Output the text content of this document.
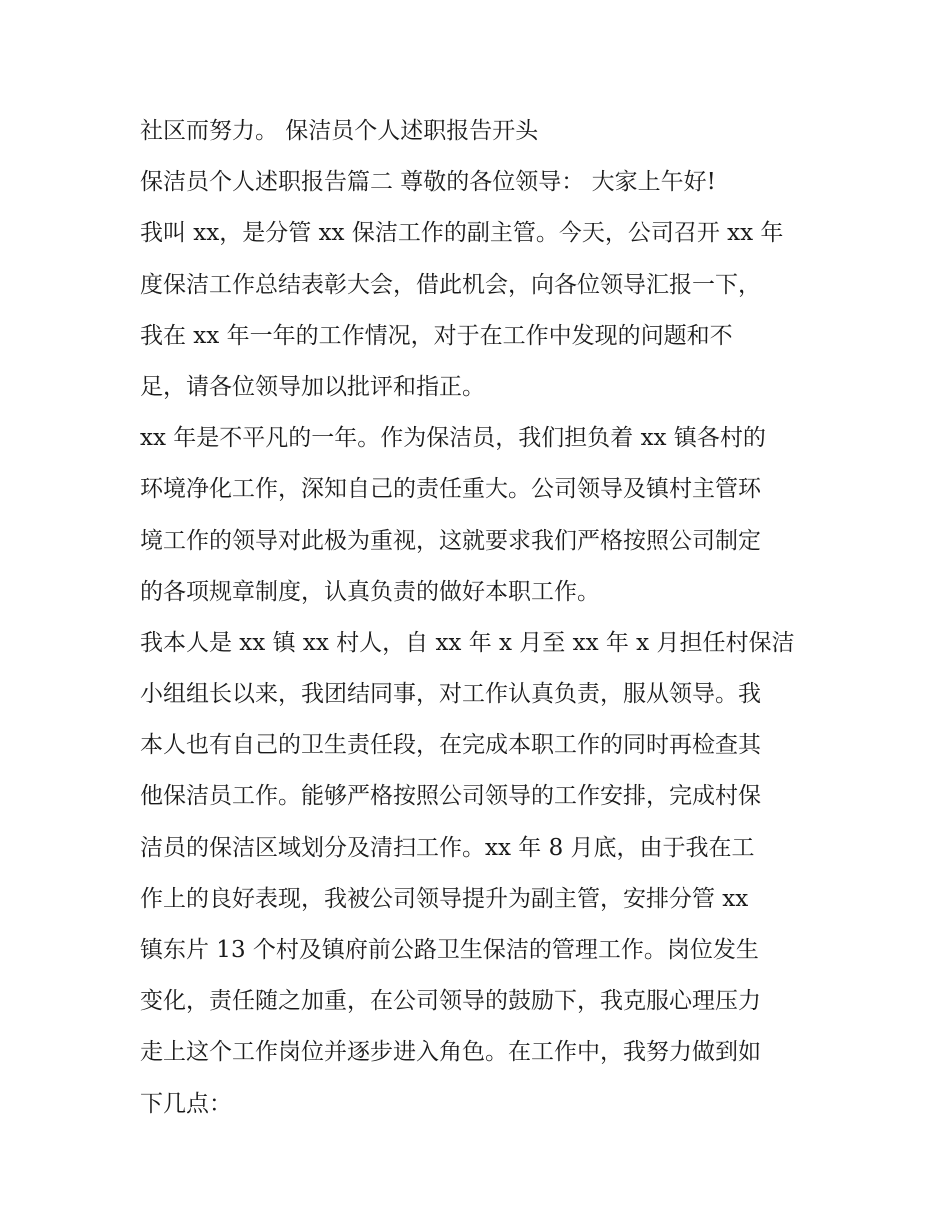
社区而努力。 保洁员个人述职报告开头
保洁员个人述职报告篇二 尊敬的各位领导： 大家上午好!
我叫 xx，是分管 xx 保洁工作的副主管。今天，公司召开 xx 年
度保洁工作总结表彰大会，借此机会，向各位领导汇报一下，
我在 xx 年一年的工作情况，对于在工作中发现的问题和不
足，请各位领导加以批评和指正。
xx 年是不平凡的一年。作为保洁员，我们担负着 xx 镇各村的
环境净化工作，深知自己的责任重大。公司领导及镇村主管环
境工作的领导对此极为重视，这就要求我们严格按照公司制定
的各项规章制度，认真负责的做好本职工作。
我本人是 xx 镇 xx 村人，自 xx 年 x 月至 xx 年 x 月担任村保洁
小组组长以来，我团结同事，对工作认真负责，服从领导。我
本人也有自己的卫生责任段，在完成本职工作的同时再检查其
他保洁员工作。能够严格按照公司领导的工作安排，完成村保
洁员的保洁区域划分及清扫工作。xx 年 8 月底，由于我在工
作上的良好表现，我被公司领导提升为副主管，安排分管 xx
镇东片 13 个村及镇府前公路卫生保洁的管理工作。岗位发生
变化，责任随之加重，在公司领导的鼓励下，我克服心理压力
走上这个工作岗位并逐步进入角色。在工作中，我努力做到如
下几点：
